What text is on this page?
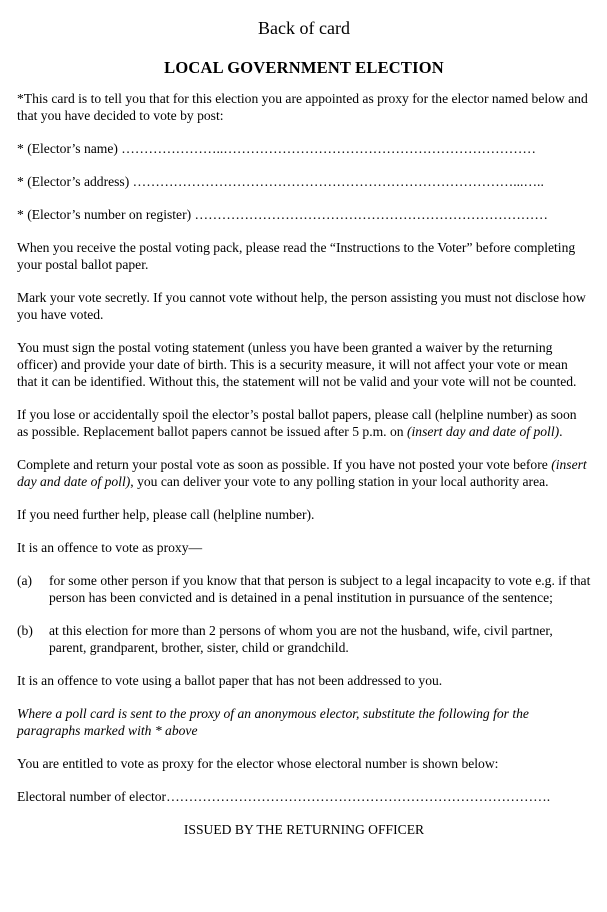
Back of card
LOCAL GOVERNMENT ELECTION

*This card is to tell you that for this election you are appointed as proxy for the elector named below and that you have decided to vote by post:

* (Elector’s name) …………………..……………………………………………………………

* (Elector’s address) …………………………………………………………………………...…..

* (Elector’s number on register) ……………………………………………………………………

When you receive the postal voting pack, please read the “Instructions to the Voter” before completing your postal ballot paper.

Mark your vote secretly. If you cannot vote without help, the person assisting you must not disclose how you have voted.

You must sign the postal voting statement (unless you have been granted a waiver by the returning officer) and provide your date of birth. This is a security measure, it will not affect your vote or mean that it can be identified. Without this, the statement will not be valid and your vote will not be counted.

If you lose or accidentally spoil the elector’s postal ballot papers, please call (helpline number) as soon as possible. Replacement ballot papers cannot be issued after 5 p.m. on (insert day and date of poll).

Complete and return your postal vote as soon as possible. If you have not posted your vote before (insert day and date of poll), you can deliver your vote to any polling station in your local authority area.

If you need further help, please call (helpline number).

It is an offence to vote as proxy—

(a)	for some other person if you know that that person is subject to a legal incapacity to vote e.g. if that person has been convicted and is detained in a penal institution in pursuance of the sentence;
(b)	at this election for more than 2 persons of whom you are not the husband, wife, civil partner, parent, grandparent, brother, sister, child or grandchild.

It is an offence to vote using a ballot paper that has not been addressed to you.

Where a poll card is sent to the proxy of an anonymous elector, substitute the following for the paragraphs marked with * above

You are entitled to vote as proxy for the elector whose electoral number is shown below:

Electoral number of elector………………………………………………………………………….

ISSUED BY THE RETURNING OFFICER
